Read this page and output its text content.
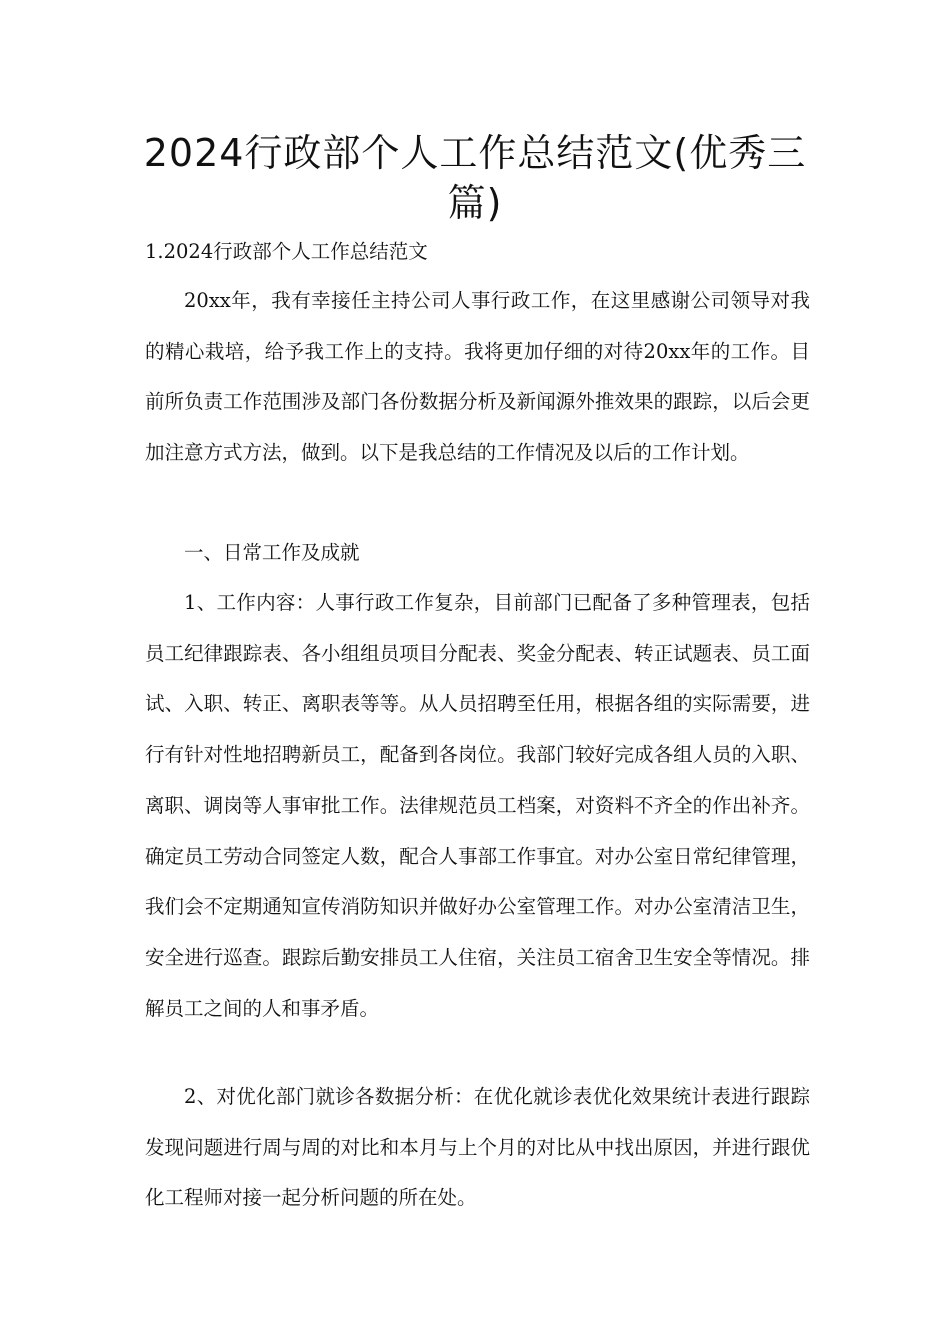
2024行政部个人工作总结范文(优秀三篇)

1.2024行政部个人工作总结范文

20xx年，我有幸接任主持公司人事行政工作，在这里感谢公司领导对我的精心栽培，给予我工作上的支持。我将更加仔细的对待20xx年的工作。目前所负责工作范围涉及部门各份数据分析及新闻源外推效果的跟踪，以后会更加注意方式方法，做到。以下是我总结的工作情况及以后的工作计划。

一、日常工作及成就

1、工作内容：人事行政工作复杂，目前部门已配备了多种管理表，包括员工纪律跟踪表、各小组组员项目分配表、奖金分配表、转正试题表、员工面试、入职、转正、离职表等等。从人员招聘至任用，根据各组的实际需要，进行有针对性地招聘新员工，配备到各岗位。我部门较好完成各组人员的入职、离职、调岗等人事审批工作。法律规范员工档案，对资料不齐全的作出补齐。确定员工劳动合同签定人数，配合人事部工作事宜。对办公室日常纪律管理，我们会不定期通知宣传消防知识并做好办公室管理工作。对办公室清洁卫生，安全进行巡查。跟踪后勤安排员工人住宿，关注员工宿舍卫生安全等情况。排解员工之间的人和事矛盾。

2、对优化部门就诊各数据分析：在优化就诊表优化效果统计表进行跟踪发现问题进行周与周的对比和本月与上个月的对比从中找出原因，并进行跟优化工程师对接一起分析问题的所在处。
